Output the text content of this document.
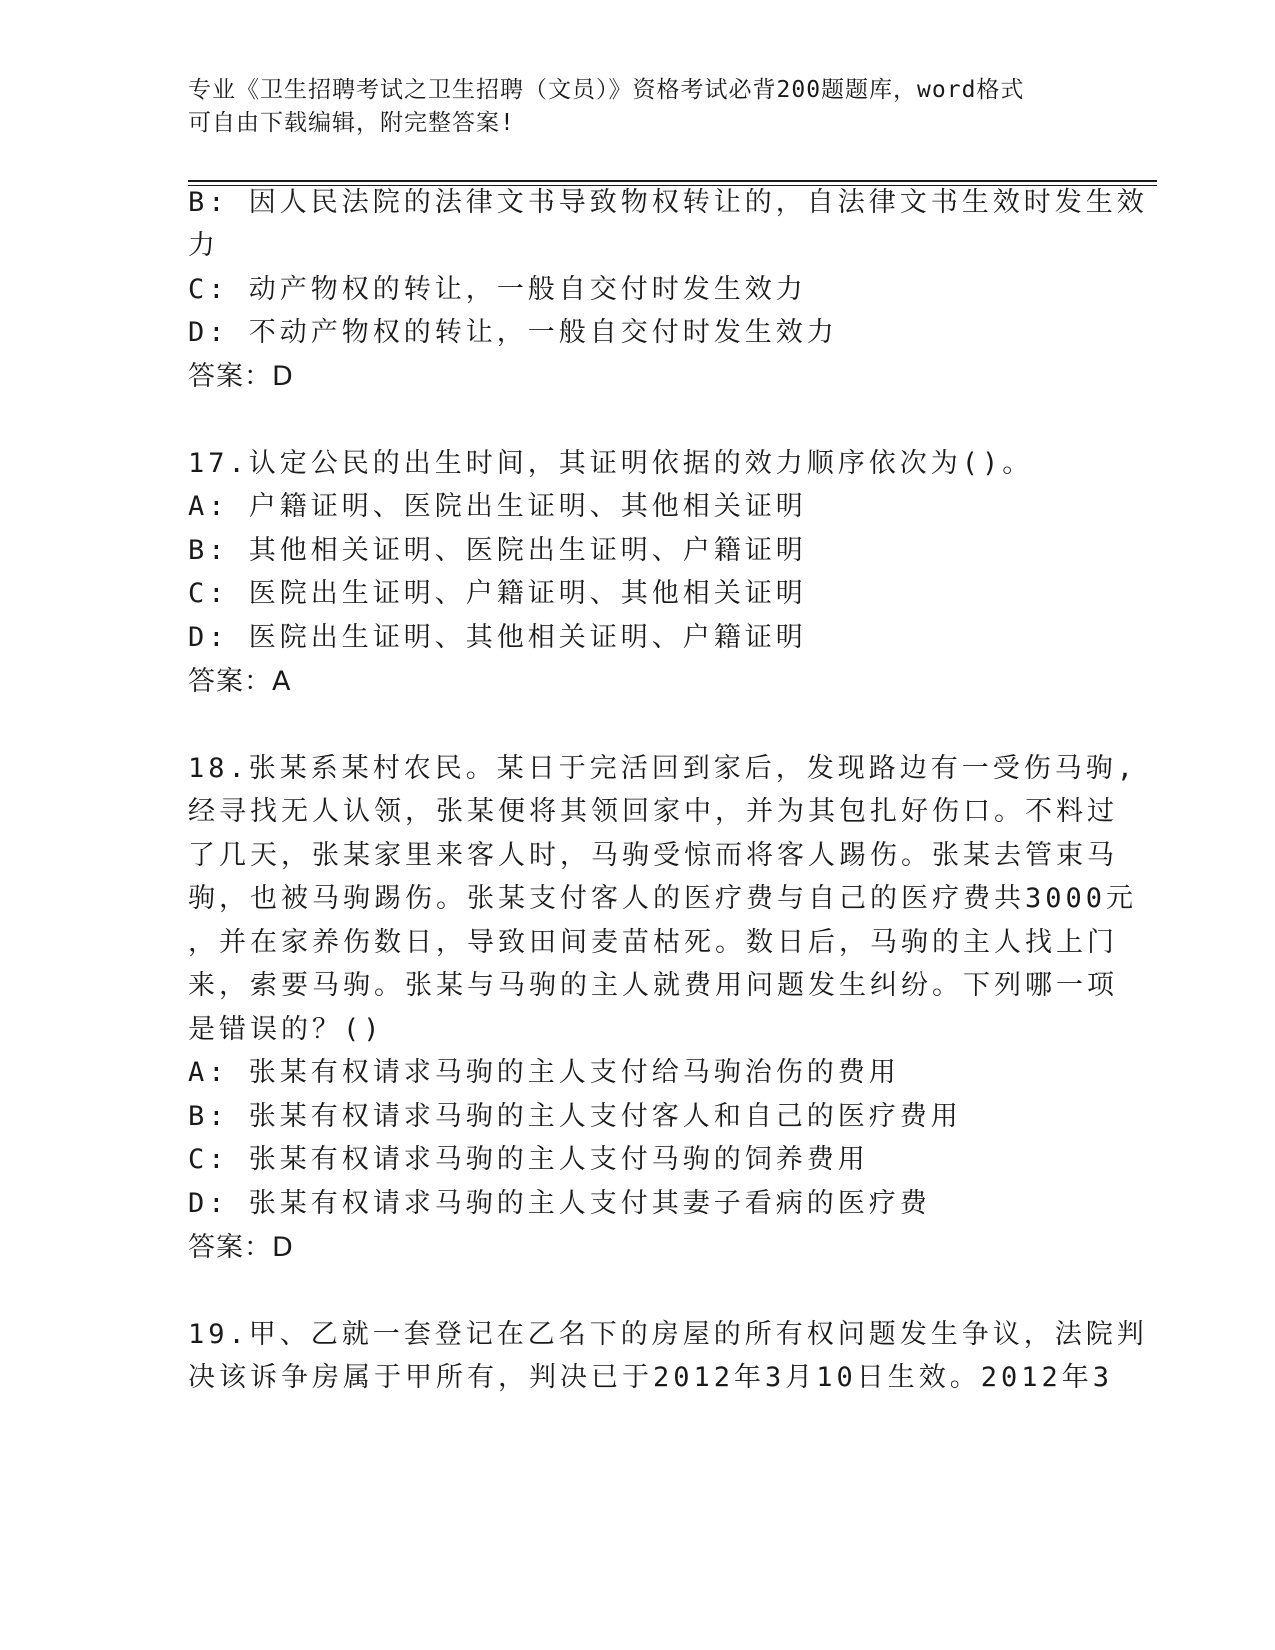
专业《卫生招聘考试之卫生招聘（文员）》资格考试必背200题题库，word格式
可自由下载编辑，附完整答案!
B: 因人民法院的法律文书导致物权转让的，自法律文书生效时发生效
力
C: 动产物权的转让，一般自交付时发生效力
D: 不动产物权的转让，一般自交付时发生效力
答案：D
17.认定公民的出生时间，其证明依据的效力顺序依次为()。
A: 户籍证明、医院出生证明、其他相关证明
B: 其他相关证明、医院出生证明、户籍证明
C: 医院出生证明、户籍证明、其他相关证明
D: 医院出生证明、其他相关证明、户籍证明
答案：A
18.张某系某村农民。某日于完活回到家后，发现路边有一受伤马驹,
经寻找无人认领，张某便将其领回家中，并为其包扎好伤口。不料过
了几天，张某家里来客人时，马驹受惊而将客人踢伤。张某去管束马
驹，也被马驹踢伤。张某支付客人的医疗费与自己的医疗费共3000元
，并在家养伤数日，导致田间麦苗枯死。数日后，马驹的主人找上门
来，索要马驹。张某与马驹的主人就费用问题发生纠纷。下列哪一项
是错误的？()
A: 张某有权请求马驹的主人支付给马驹治伤的费用
B: 张某有权请求马驹的主人支付客人和自己的医疗费用
C: 张某有权请求马驹的主人支付马驹的饲养费用
D: 张某有权请求马驹的主人支付其妻子看病的医疗费
答案：D
19.甲、乙就一套登记在乙名下的房屋的所有权问题发生争议，法院判
决该诉争房属于甲所有，判决已于2012年3月10日生效。2012年3
